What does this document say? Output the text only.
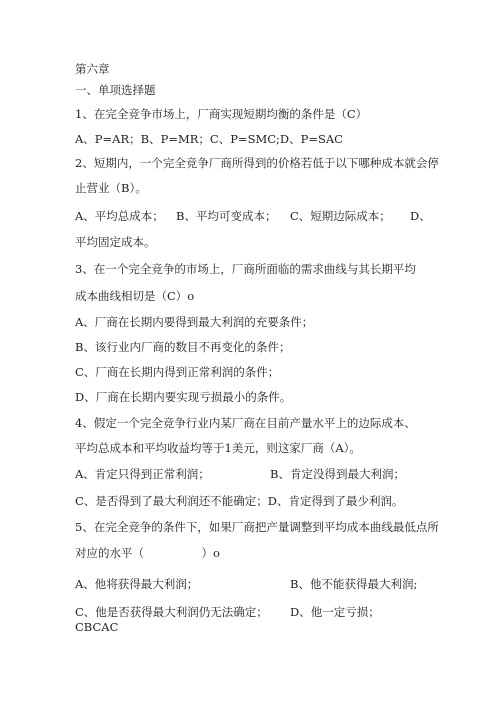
第六章
一、单项选择题
1、在完全竞争市场上，厂商实现短期均衡的条件是（C）
A、P=AR；B、P=MR；C、P=SMC;D、P=SAC
2、短期内，一个完全竞争厂商所得到的价格若低于以下哪种成本就会停
止营业（B）。
A、平均总成本； B、平均可变成本； C、短期边际成本； D、
平均固定成本。
3、在一个完全竞争的市场上，厂商所面临的需求曲线与其长期平均
成本曲线相切是（C）o
A、厂商在长期内要得到最大利润的充要条件；
B、该行业内厂商的数目不再变化的条件；
C、厂商在长期内得到正常利润的条件；
D、厂商在长期内要实现亏损最小的条件。
4、假定一个完全竞争行业内某厂商在目前产量水平上的边际成本、
平均总成本和平均收益均等于1美元，则这家厂商（A）。
A、肯定只得到正常利润；	B、肯定没得到最大利润；
C、是否得到了最大利润还不能确定；D、肯定得到了最少利润。
5、在完全竞争的条件下，如果厂商把产量调整到平均成本曲线最低点所
对应的水平（　　　　　）o
A、他将获得最大利润；	B、他不能获得最大利润;
C、他是否获得最大利润仍无法确定； D、他一定亏损；
CBCAC
